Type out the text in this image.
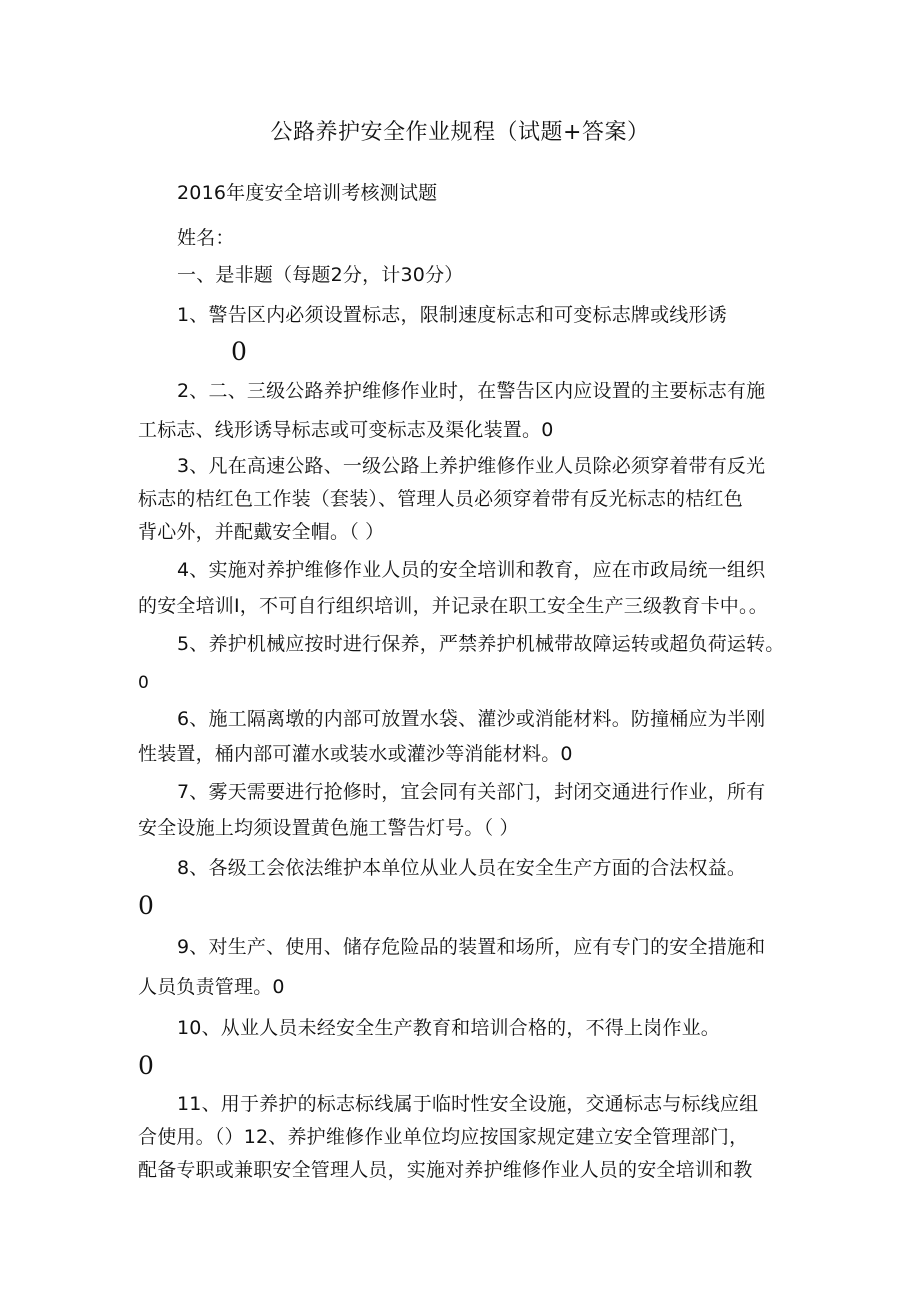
公路养护安全作业规程（试题+答案）
2016年度安全培训考核测试题
姓名：
一、是非题（每题2分，计30分）
1、警告区内必须设置标志，限制速度标志和可变标志牌或线形诱
0
2、二、三级公路养护维修作业时，在警告区内应设置的主要标志有施
工标志、线形诱导标志或可变标志及渠化装置。0
3、凡在高速公路、一级公路上养护维修作业人员除必须穿着带有反光
标志的桔红色工作装（套装）、管理人员必须穿着带有反光标志的桔红色
背心外，并配戴安全帽。（ ）
4、实施对养护维修作业人员的安全培训和教育，应在市政局统一组织
的安全培训I，不可自行组织培训，并记录在职工安全生产三级教育卡中。。
5、养护机械应按时进行保养，严禁养护机械带故障运转或超负荷运转。
0
6、施工隔离墩的内部可放置水袋、灌沙或消能材料。防撞桶应为半刚
性装置，桶内部可灌水或装水或灌沙等消能材料。0
7、雾天需要进行抢修时，宜会同有关部门，封闭交通进行作业，所有
安全设施上均须设置黄色施工警告灯号。（ ）
8、各级工会依法维护本单位从业人员在安全生产方面的合法权益。
0
9、对生产、使用、储存危险品的装置和场所，应有专门的安全措施和
人员负责管理。0
10、从业人员未经安全生产教育和培训合格的，不得上岗作业。
0
11、用于养护的标志标线属于临时性安全设施，交通标志与标线应组
合使用。（）12、养护维修作业单位均应按国家规定建立安全管理部门，
配备专职或兼职安全管理人员，实施对养护维修作业人员的安全培训和教
